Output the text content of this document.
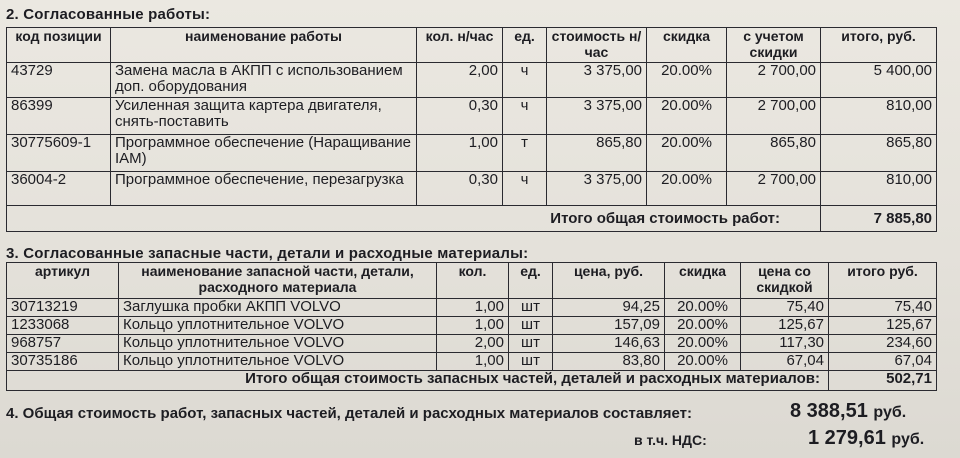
2. Согласованные работы:
код позиции	наименование работы	кол. н/час	ед.	стоимость н/час	скидка	с учетом скидки	итого, руб.
43729	Замена масла в АКПП с использованием доп. оборудования	2,00	ч	3 375,00	20.00%	2 700,00	5 400,00
86399	Усиленная защита картера двигателя, снять-поставить	0,30	ч	3 375,00	20.00%	2 700,00	810,00
30775609-1	Программное обеспечение (Наращивание IAM)	1,00	т	865,80	20.00%	865,80	865,80
36004-2	Программное обеспечение, перезагрузка	0,30	ч	3 375,00	20.00%	2 700,00	810,00
Итого общая стоимость работ:							7 885,80
3. Согласованные запасные части, детали и расходные материалы:
артикул	наименование запасной части, детали, расходного материала	кол.	ед.	цена, руб.	скидка	цена со скидкой	итого руб.
30713219	Заглушка пробки АКПП VOLVO	1,00	шт	94,25	20.00%	75,40	75,40
1233068	Кольцо уплотнительное VOLVO	1,00	шт	157,09	20.00%	125,67	125,67
968757	Кольцо уплотнительное VOLVO	2,00	шт	146,63	20.00%	117,30	234,60
30735186	Кольцо уплотнительное VOLVO	1,00	шт	83,80	20.00%	67,04	67,04
Итого общая стоимость запасных частей, деталей и расходных материалов:							502,71
4. Общая стоимость работ, запасных частей, деталей и расходных материалов составляет:	8 388,51 руб.
в т.ч. НДС:	1 279,61 руб.
